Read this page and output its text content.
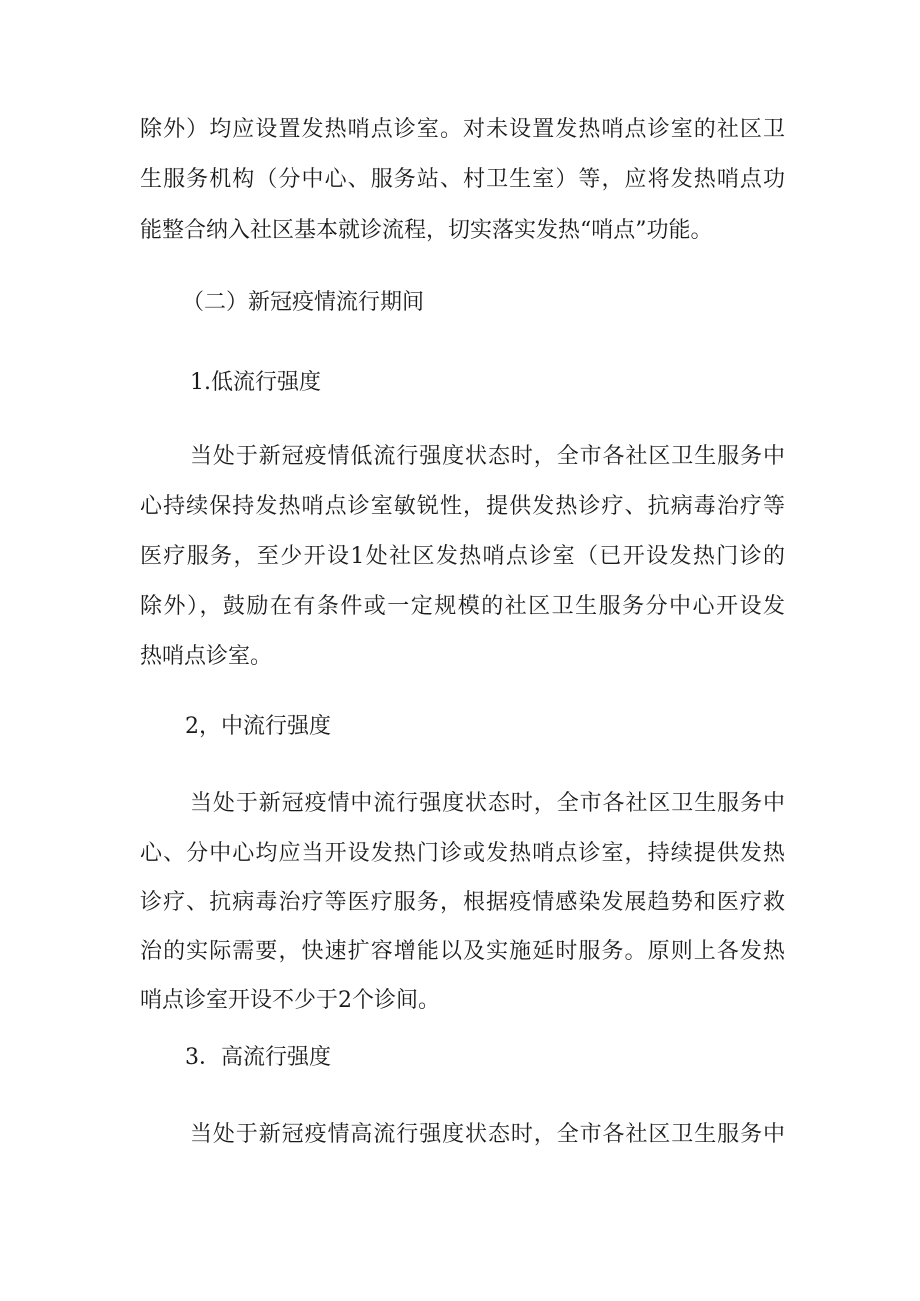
除外）均应设置发热哨点诊室。对未设置发热哨点诊室的社区卫
生服务机构（分中心、服务站、村卫生室）等，应将发热哨点功
能整合纳入社区基本就诊流程，切实落实发热“哨点”功能。
（二）新冠疫情流行期间
1.低流行强度
当处于新冠疫情低流行强度状态时，全市各社区卫生服务中
心持续保持发热哨点诊室敏锐性，提供发热诊疗、抗病毒治疗等
医疗服务，至少开设1处社区发热哨点诊室（已开设发热门诊的
除外），鼓励在有条件或一定规模的社区卫生服务分中心开设发
热哨点诊室。
2，中流行强度
当处于新冠疫情中流行强度状态时，全市各社区卫生服务中
心、分中心均应当开设发热门诊或发热哨点诊室，持续提供发热
诊疗、抗病毒治疗等医疗服务，根据疫情感染发展趋势和医疗救
治的实际需要，快速扩容增能以及实施延时服务。原则上各发热
哨点诊室开设不少于2个诊间。
3．高流行强度
当处于新冠疫情高流行强度状态时，全市各社区卫生服务中
